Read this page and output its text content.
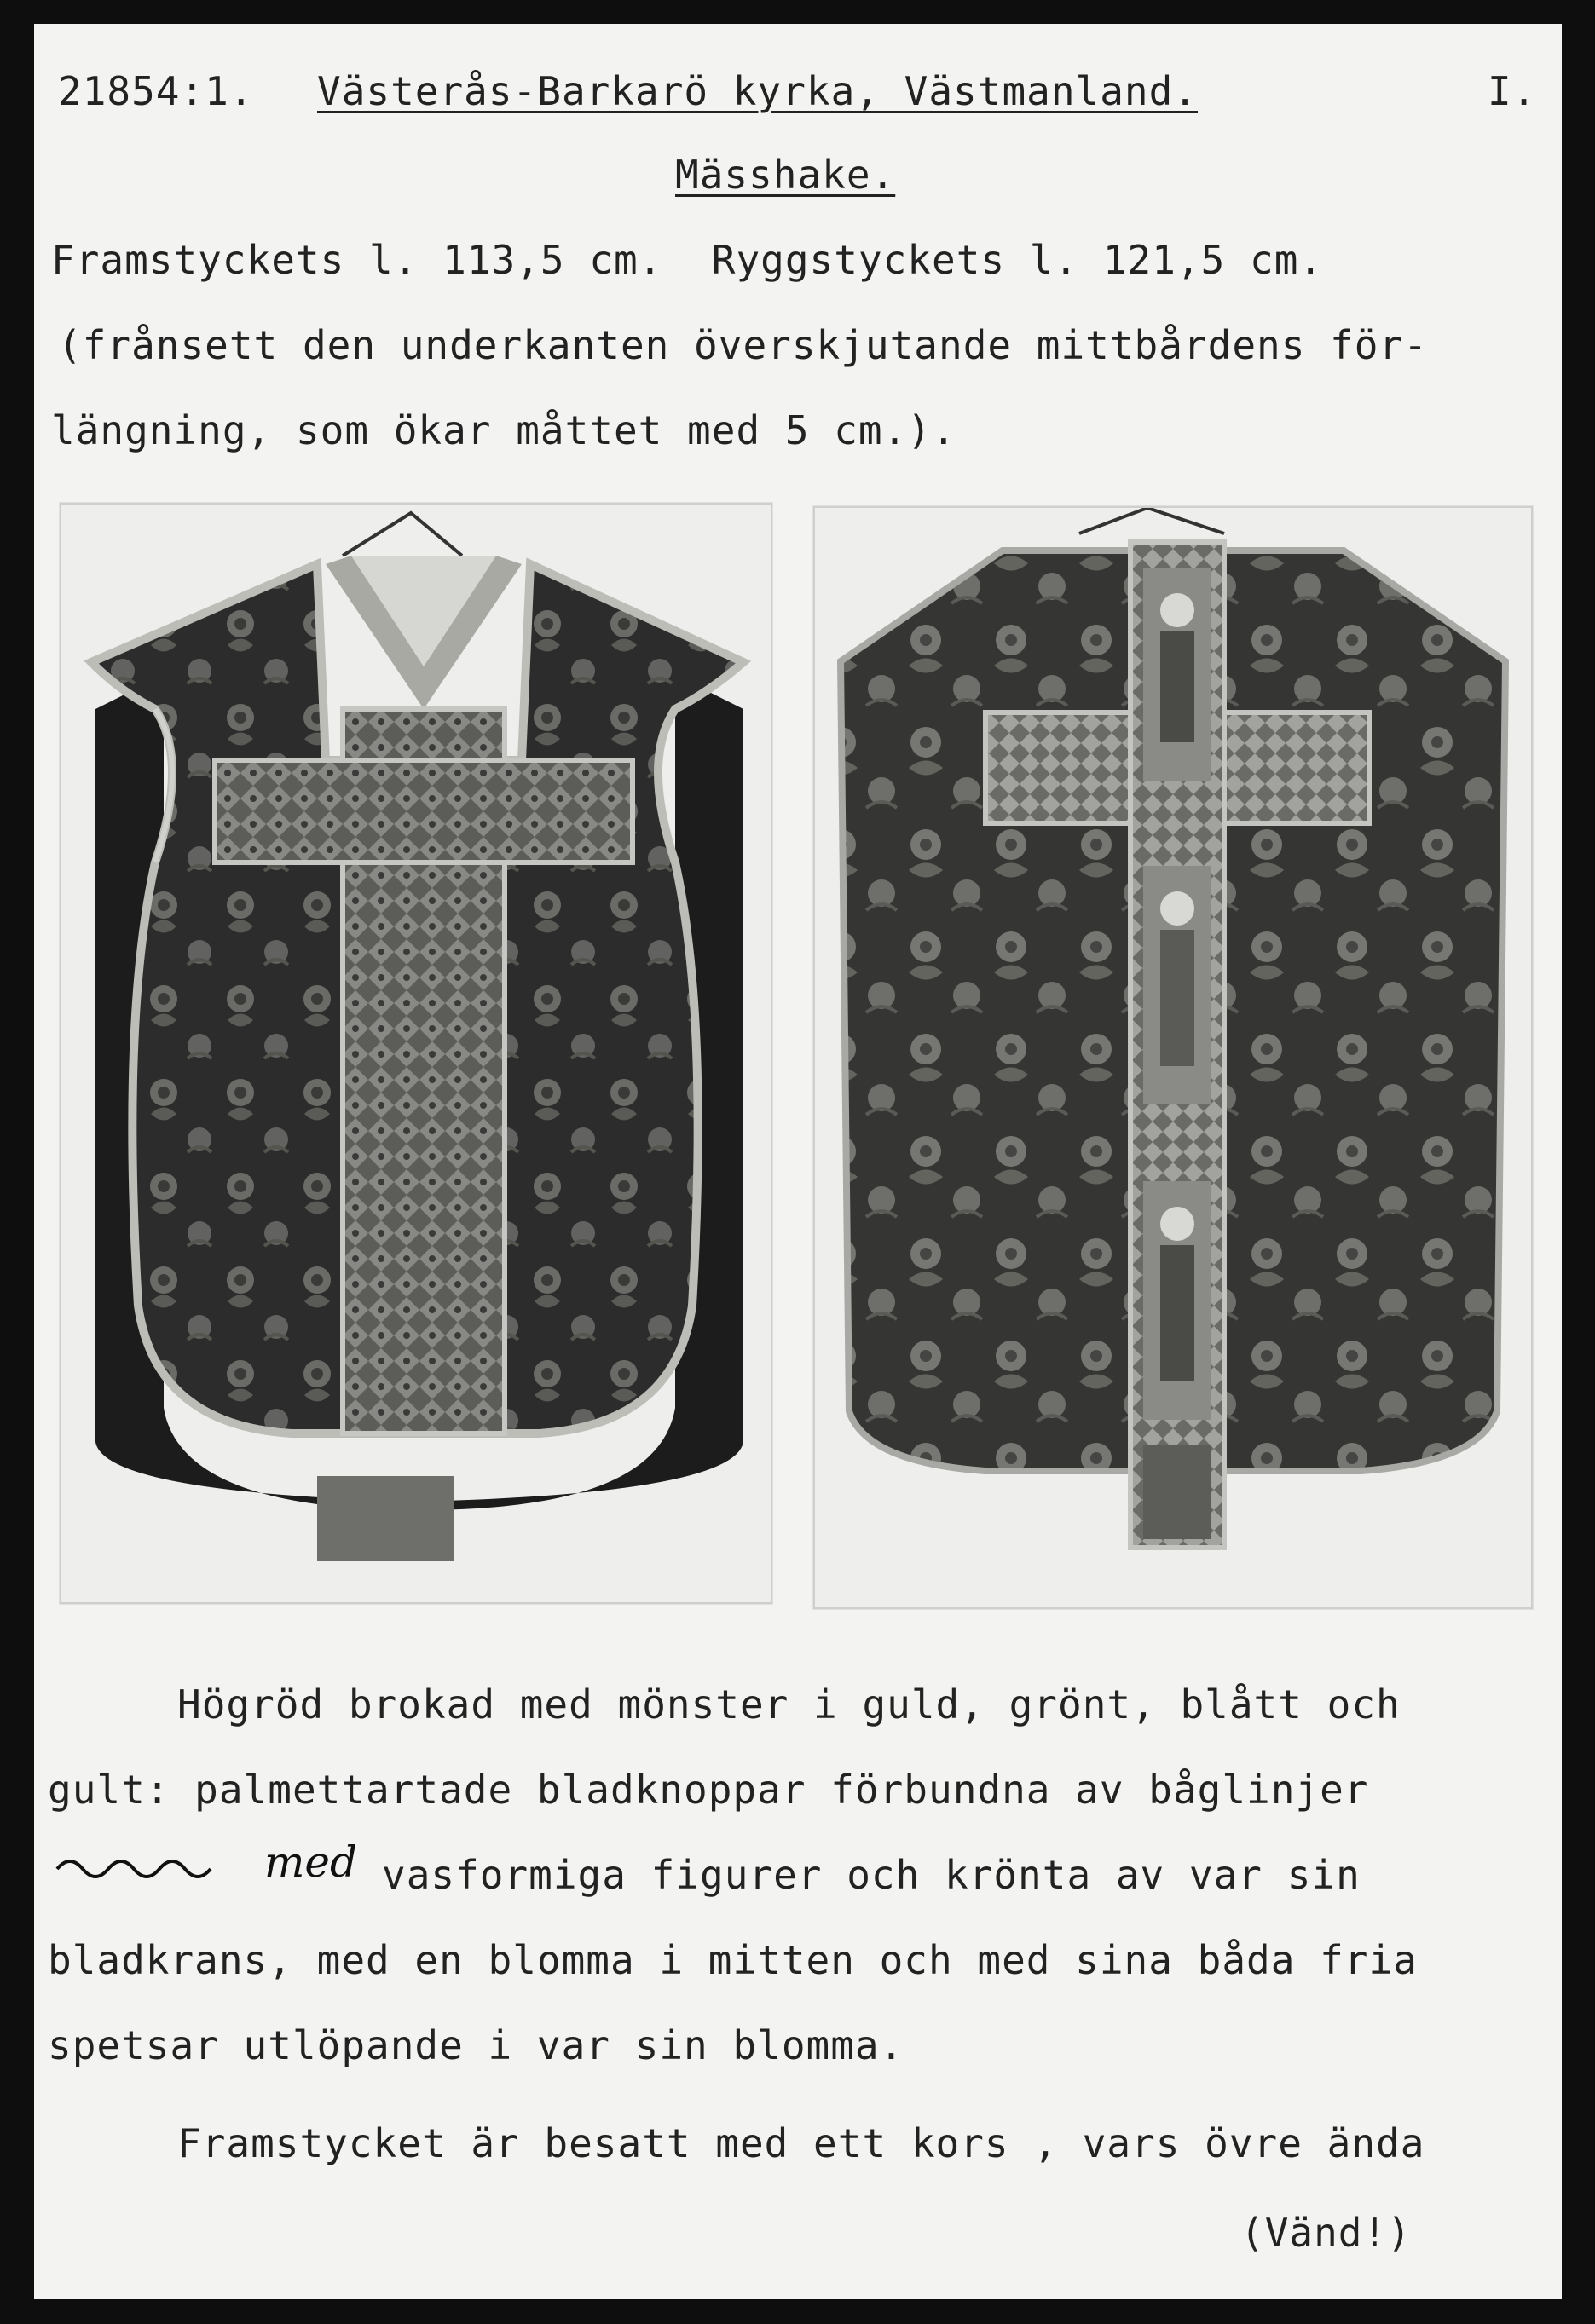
21854:1. Västerås-Barkarö kyrka, Västmanland.	I.
Mässhake.
Framstyckets l. 113,5 cm.  Ryggstyckets l. 121,5 cm.
(frånsett den underkanten överskjutande mittbårdens för-
längning, som ökar måttet med 5 cm.).
Högröd brokad med mönster i guld, grönt, blått och
gult: palmettartade bladknoppar förbundna av båglinjer
med vasformiga figurer och krönta av var sin
bladkrans, med en blomma i mitten och med sina båda fria
spetsar utlöpande i var sin blomma.
Framstycket är besatt med ett kors , vars övre ända
(Vänd!)
